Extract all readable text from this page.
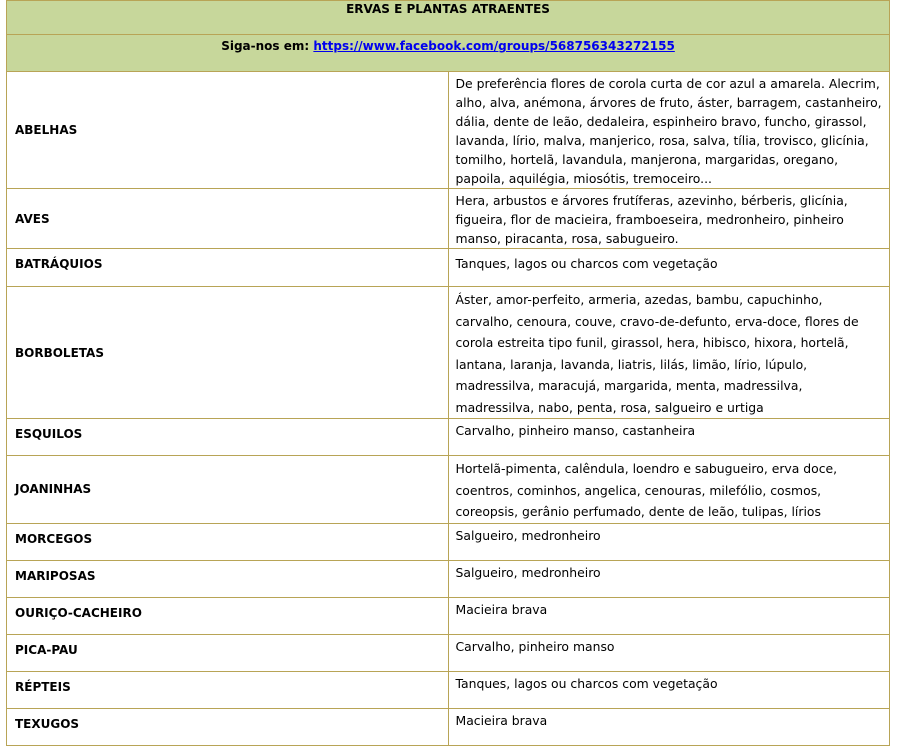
ERVAS E PLANTAS ATRAENTES	
Siga-nos em: https://www.facebook.com/groups/568756343272155	
ABELHAS	De preferência flores de corola curta de cor azul a amarela. Alecrim, alho, alva, anémona, árvores de fruto, áster, barragem, castanheiro, dália, dente de leão, dedaleira, espinheiro bravo, funcho, girassol, lavanda, lírio, malva, manjerico, rosa, salva, tília, trovisco, glicínia, tomilho, hortelã, lavandula, manjerona, margaridas, oregano, papoila, aquilégia, miosótis, tremoceiro...
AVES	Hera, arbustos e árvores frutíferas, azevinho, bérberis, glicínia, figueira, flor de macieira, framboeseira, medronheiro, pinheiro manso, piracanta, rosa, sabugueiro.
BATRÁQUIOS	Tanques, lagos ou charcos com vegetação
BORBOLETAS	Áster, amor-perfeito, armeria, azedas, bambu, capuchinho, carvalho, cenoura, couve, cravo-de-defunto, erva-doce, flores de corola estreita tipo funil, girassol, hera, hibisco, hixora, hortelã, lantana, laranja, lavanda, liatris, lilás, limão, lírio, lúpulo, madressilva, maracujá, margarida, menta, madressilva, madressilva, nabo, penta, rosa, salgueiro e urtiga
ESQUILOS	Carvalho, pinheiro manso, castanheira
JOANINHAS	Hortelã-pimenta, calêndula, loendro e sabugueiro, erva doce, coentros, cominhos, angelica, cenouras, milefólio, cosmos, coreopsis, gerânio perfumado, dente de leão, tulipas, lírios
MORCEGOS	Salgueiro, medronheiro
MARIPOSAS	Salgueiro, medronheiro
OURIÇO-CACHEIRO	Macieira brava
PICA-PAU	Carvalho, pinheiro manso
RÉPTEIS	Tanques, lagos ou charcos com vegetação
TEXUGOS	Macieira brava
